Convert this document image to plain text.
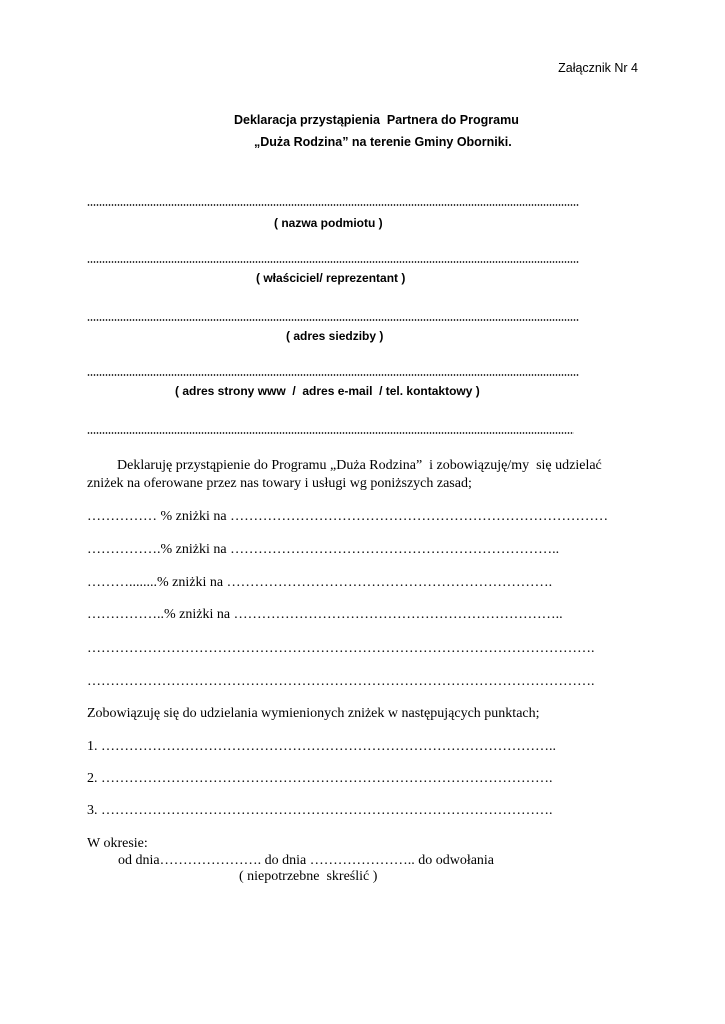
Załącznik Nr 4

Deklaracja przystąpienia  Partnera do Programu

„Duża Rodzina” na terenie Gminy Oborniki.

( nazwa podmiotu )

( właściciel/ reprezentant )

( adres siedziby )

( adres strony www  /  adres e-mail  / tel. kontaktowy )

Deklaruję przystąpienie do Programu „Duża Rodzina”  i zobowiązuję/my  się udzielać

zniżek na oferowane przez nas towary i usługi wg poniższych zasad;

…………… % zniżki na ………………………………………………………………………

…………….% zniżki na ……………………………………………………………..

………........% zniżki na …………………………………………………………….

……………..% zniżki na ……………………………………………………………..

……………………………………………………………………………………………….

……………………………………………………………………………………………….

Zobowiązuję się do udzielania wymienionych zniżek w następujących punktach;

1. ……………………………………………………………………………………..

2. …………………………………………………………………………………….

3. …………………………………………………………………………………….

W okresie:

od dnia…………………. do dnia ………………….. do odwołania

( niepotrzebne  skreślić )
